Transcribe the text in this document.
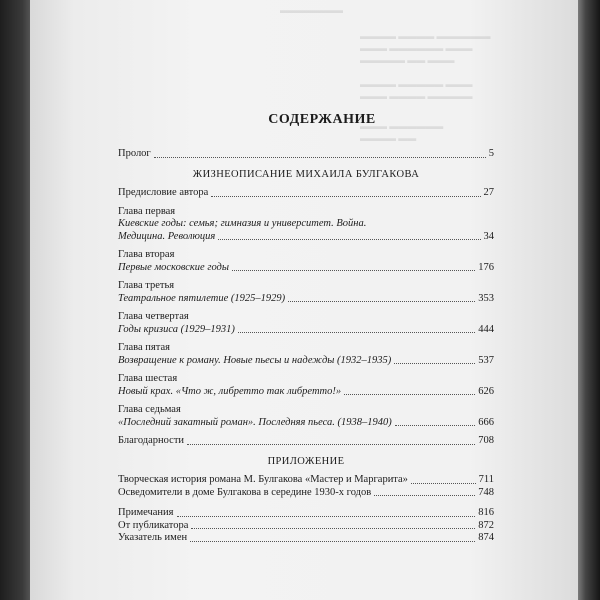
▬▬▬▬▬▬▬
▬▬▬▬ ▬▬▬▬ ▬▬▬▬▬▬
▬▬▬ ▬▬▬▬▬▬ ▬▬▬
▬▬▬▬▬ ▬▬ ▬▬▬
▬▬▬▬ ▬▬▬▬▬ ▬▬▬
▬▬▬ ▬▬▬▬ ▬▬▬▬▬
▬▬▬ ▬▬▬▬▬▬
▬▬▬▬ ▬▬
СОДЕРЖАНИЕ
Пролог	5
ЖИЗНЕОПИСАНИЕ МИХАИЛА БУЛГАКОВА
Предисловие автора	27
Глава первая
Киевские годы: семья; гимназия и университет. Война.
Медицина. Революция	34
Глава вторая
Первые московские годы	176
Глава третья
Театральное пятилетие (1925–1929)	353
Глава четвертая
Годы кризиса (1929–1931)	444
Глава пятая
Возвращение к роману. Новые пьесы и надежды (1932–1935)	537
Глава шестая
Новый крах. «Что ж, либретто так либретто!»	626
Глава седьмая
«Последний закатный роман». Последняя пьеса. (1938–1940)	666
Благодарности	708
ПРИЛОЖЕНИЕ
Творческая история романа М. Булгакова «Мастер и Маргарита»	711
Осведомители в доме Булгакова в середине 1930-х годов	748
Примечания	816
От публикатора	872
Указатель имен	874
